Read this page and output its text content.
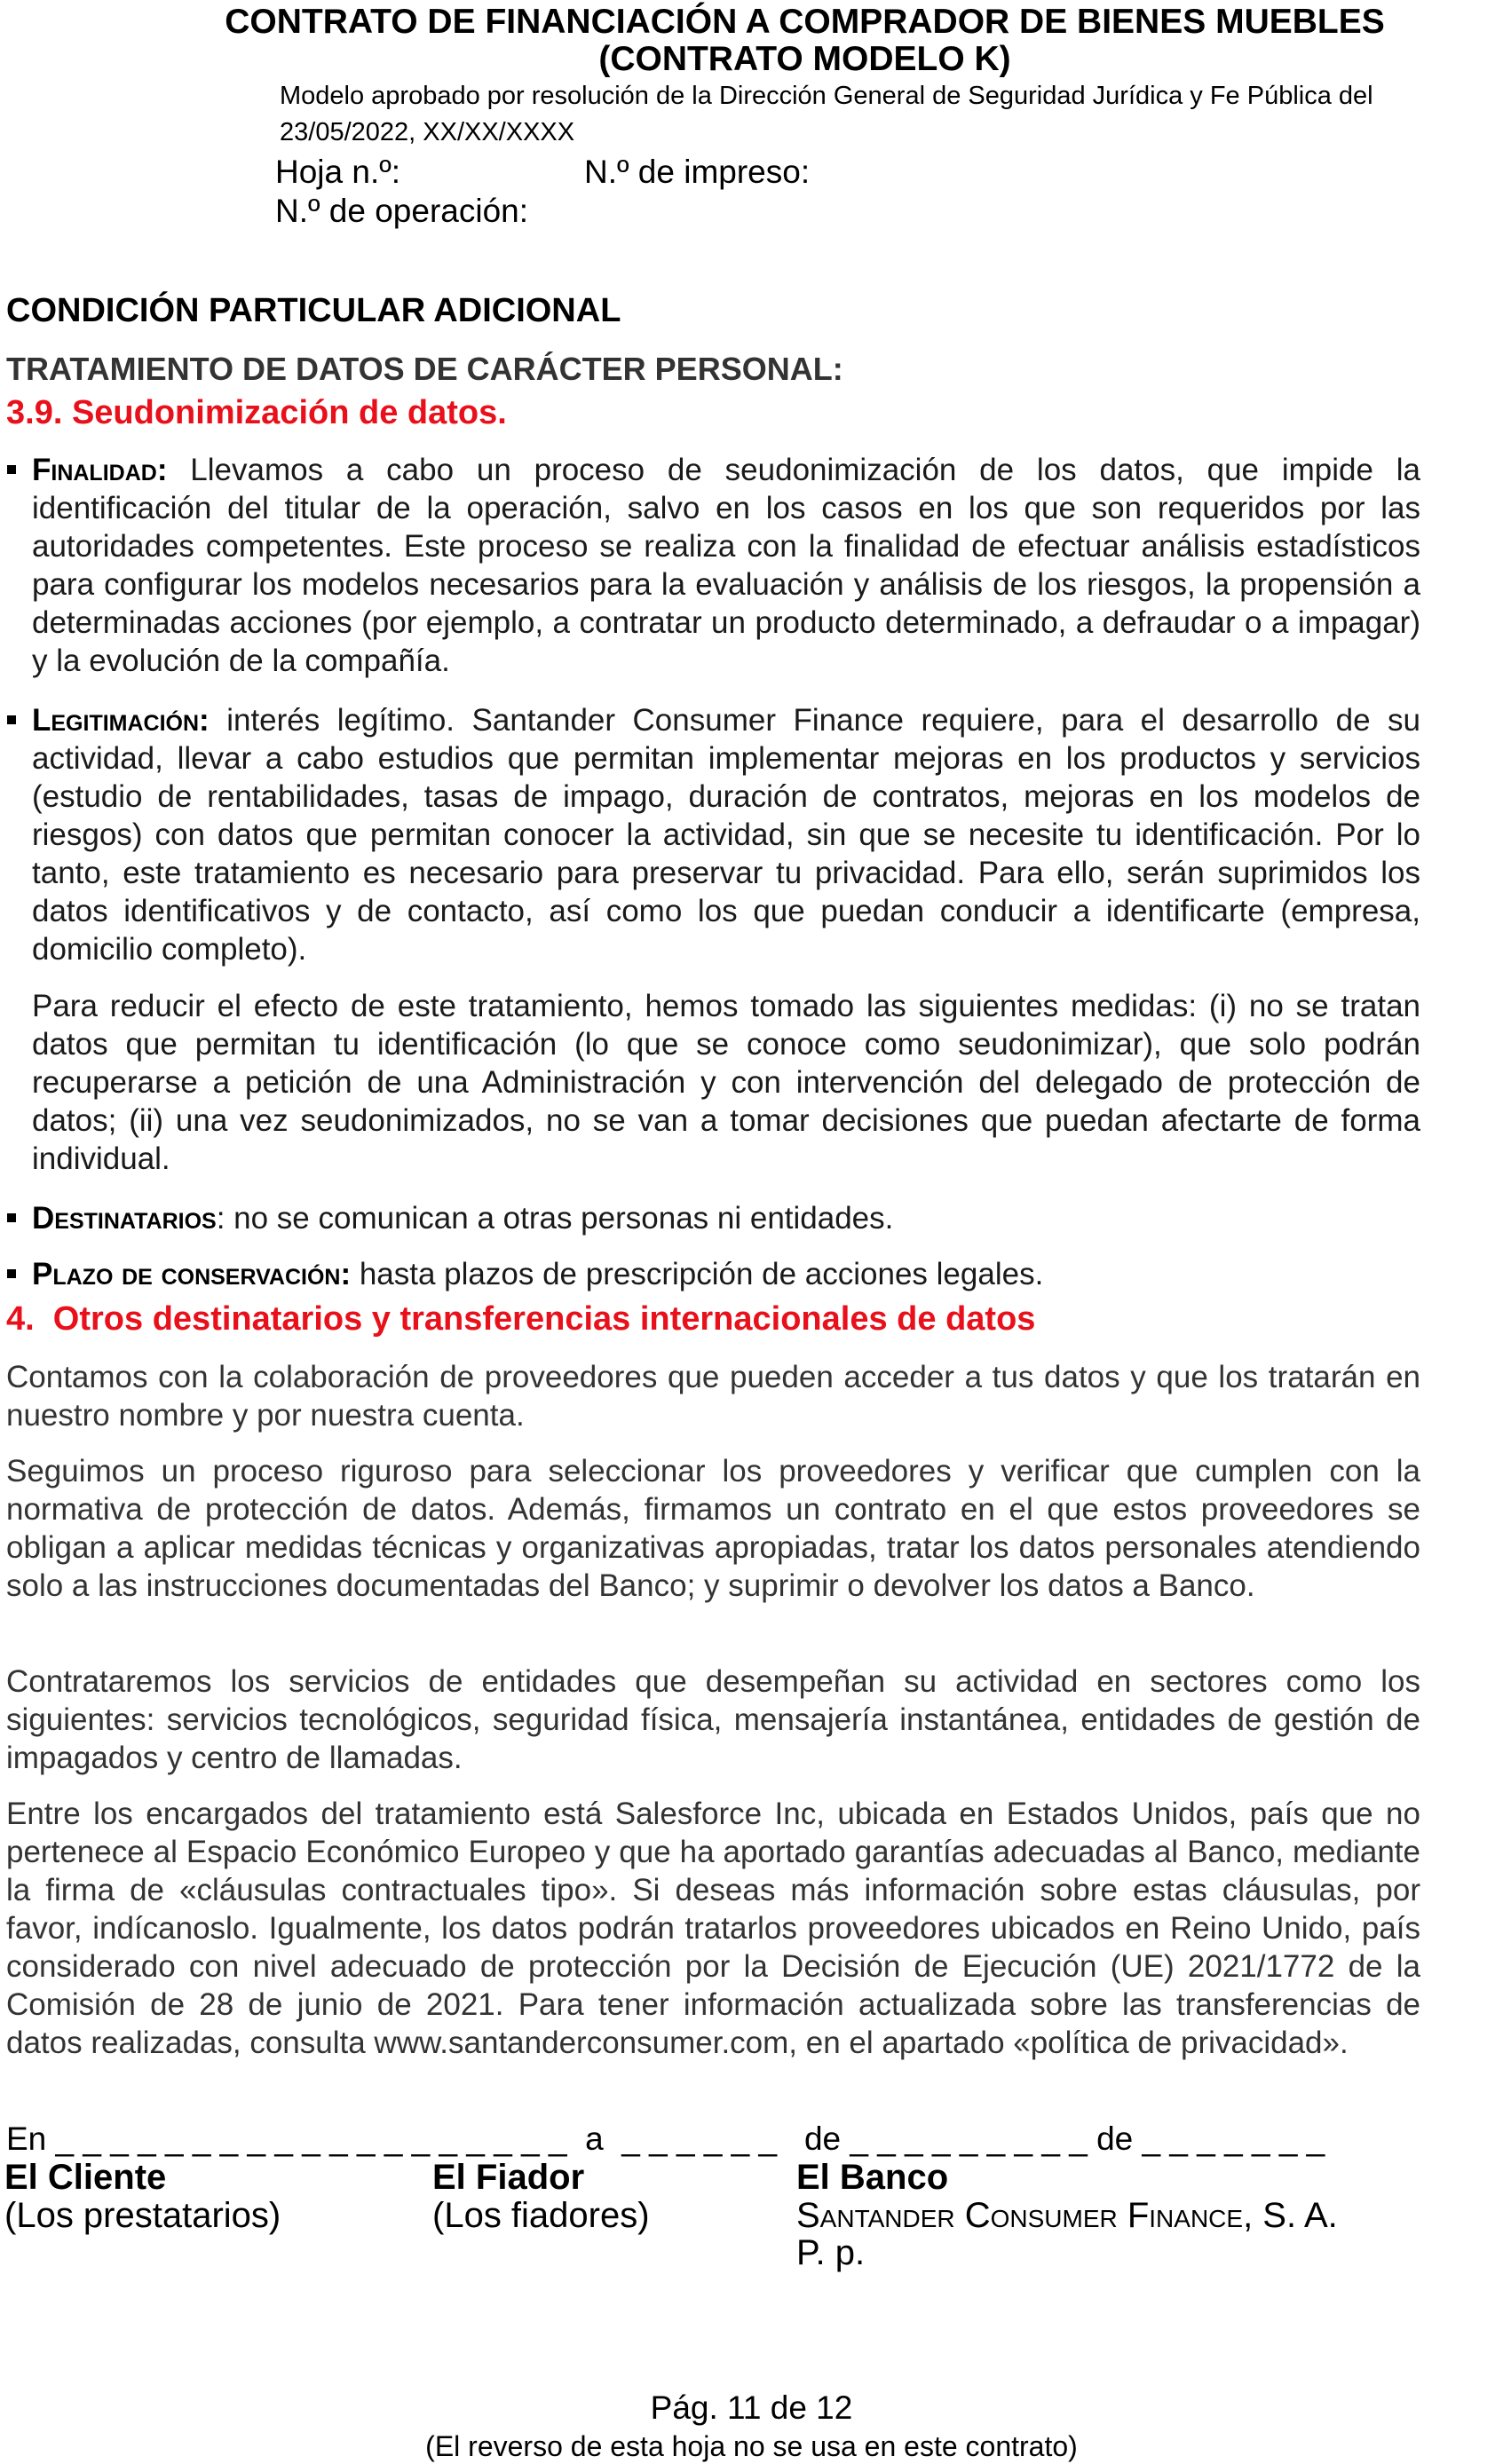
CONTRATO DE FINANCIACIÓN A COMPRADOR DE BIENES MUEBLES
(CONTRATO MODELO K)
Modelo aprobado por resolución de la Dirección General de Seguridad Jurídica y Fe Pública del
23/05/2022, XX/XX/XXXX
Hoja n.º:	N.º de impreso:
N.º de operación:
CONDICIÓN PARTICULAR ADICIONAL
TRATAMIENTO DE DATOS DE CARÁCTER PERSONAL:
3.9. Seudonimización de datos.
Finalidad: Llevamos a cabo un proceso de seudonimización de los datos, que impide la identificación del titular de la operación, salvo en los casos en los que son requeridos por las autoridades competentes. Este proceso se realiza con la finalidad de efectuar análisis estadísticos para configurar los modelos necesarios para la evaluación y análisis de los riesgos, la propensión a determinadas acciones (por ejemplo, a contratar un producto determinado, a defraudar o a impagar) y la evolución de la compañía.
Legitimación: interés legítimo. Santander Consumer Finance requiere, para el desarrollo de su actividad, llevar a cabo estudios que permitan implementar mejoras en los productos y servicios (estudio de rentabilidades, tasas de impago, duración de contratos, mejoras en los modelos de riesgos) con datos que permitan conocer la actividad, sin que se necesite tu identificación. Por lo tanto, este tratamiento es necesario para preservar tu privacidad. Para ello, serán suprimidos los datos identificativos y de contacto, así como los que puedan conducir a identificarte (empresa, domicilio completo).
Para reducir el efecto de este tratamiento, hemos tomado las siguientes medidas: (i) no se tratan datos que permitan tu identificación (lo que se conoce como seudonimizar), que solo podrán recuperarse a petición de una Administración y con intervención del delegado de protección de datos; (ii) una vez seudonimizados, no se van a tomar decisiones que puedan afectarte de forma individual.
Destinatarios: no se comunican a otras personas ni entidades.
Plazo de conservación: hasta plazos de prescripción de acciones legales.
4.  Otros destinatarios y transferencias internacionales de datos
Contamos con la colaboración de proveedores que pueden acceder a tus datos y que los tratarán en nuestro nombre y por nuestra cuenta.
Seguimos un proceso riguroso para seleccionar los proveedores y verificar que cumplen con la normativa de protección de datos. Además, firmamos un contrato en el que estos proveedores se obligan a aplicar medidas técnicas y organizativas apropiadas, tratar los datos personales atendiendo solo a las instrucciones documentadas del Banco; y suprimir o devolver los datos a Banco.
Contrataremos los servicios de entidades que desempeñan su actividad en sectores como los siguientes: servicios tecnológicos, seguridad física, mensajería instantánea, entidades de gestión de impagados y centro de llamadas.
Entre los encargados del tratamiento está Salesforce Inc, ubicada en Estados Unidos, país que no pertenece al Espacio Económico Europeo y que ha aportado garantías adecuadas al Banco, mediante la firma de «cláusulas contractuales tipo». Si deseas más información sobre estas cláusulas, por favor, indícanoslo. Igualmente, los datos podrán tratarlos proveedores ubicados en Reino Unido, país considerado con nivel adecuado de protección por la Decisión de Ejecución (UE) 2021/1772 de la Comisión de 28 de junio de 2021. Para tener información actualizada sobre las transferencias de datos realizadas, consulta www.santanderconsumer.com, en el apartado «política de privacidad».
En _ _ _ _ _ _ _ _ _ _ _ _ _ _ _ _ _ _ _  a  _ _ _ _ _ _   de _ _ _ _ _ _ _ _ _ de _ _ _ _ _ _ _
El Cliente
(Los prestatarios)
El Fiador
(Los fiadores)
El Banco
Santander Consumer Finance, S. A.
P. p.
Pág. 11 de 12
(El reverso de esta hoja no se usa en este contrato)
